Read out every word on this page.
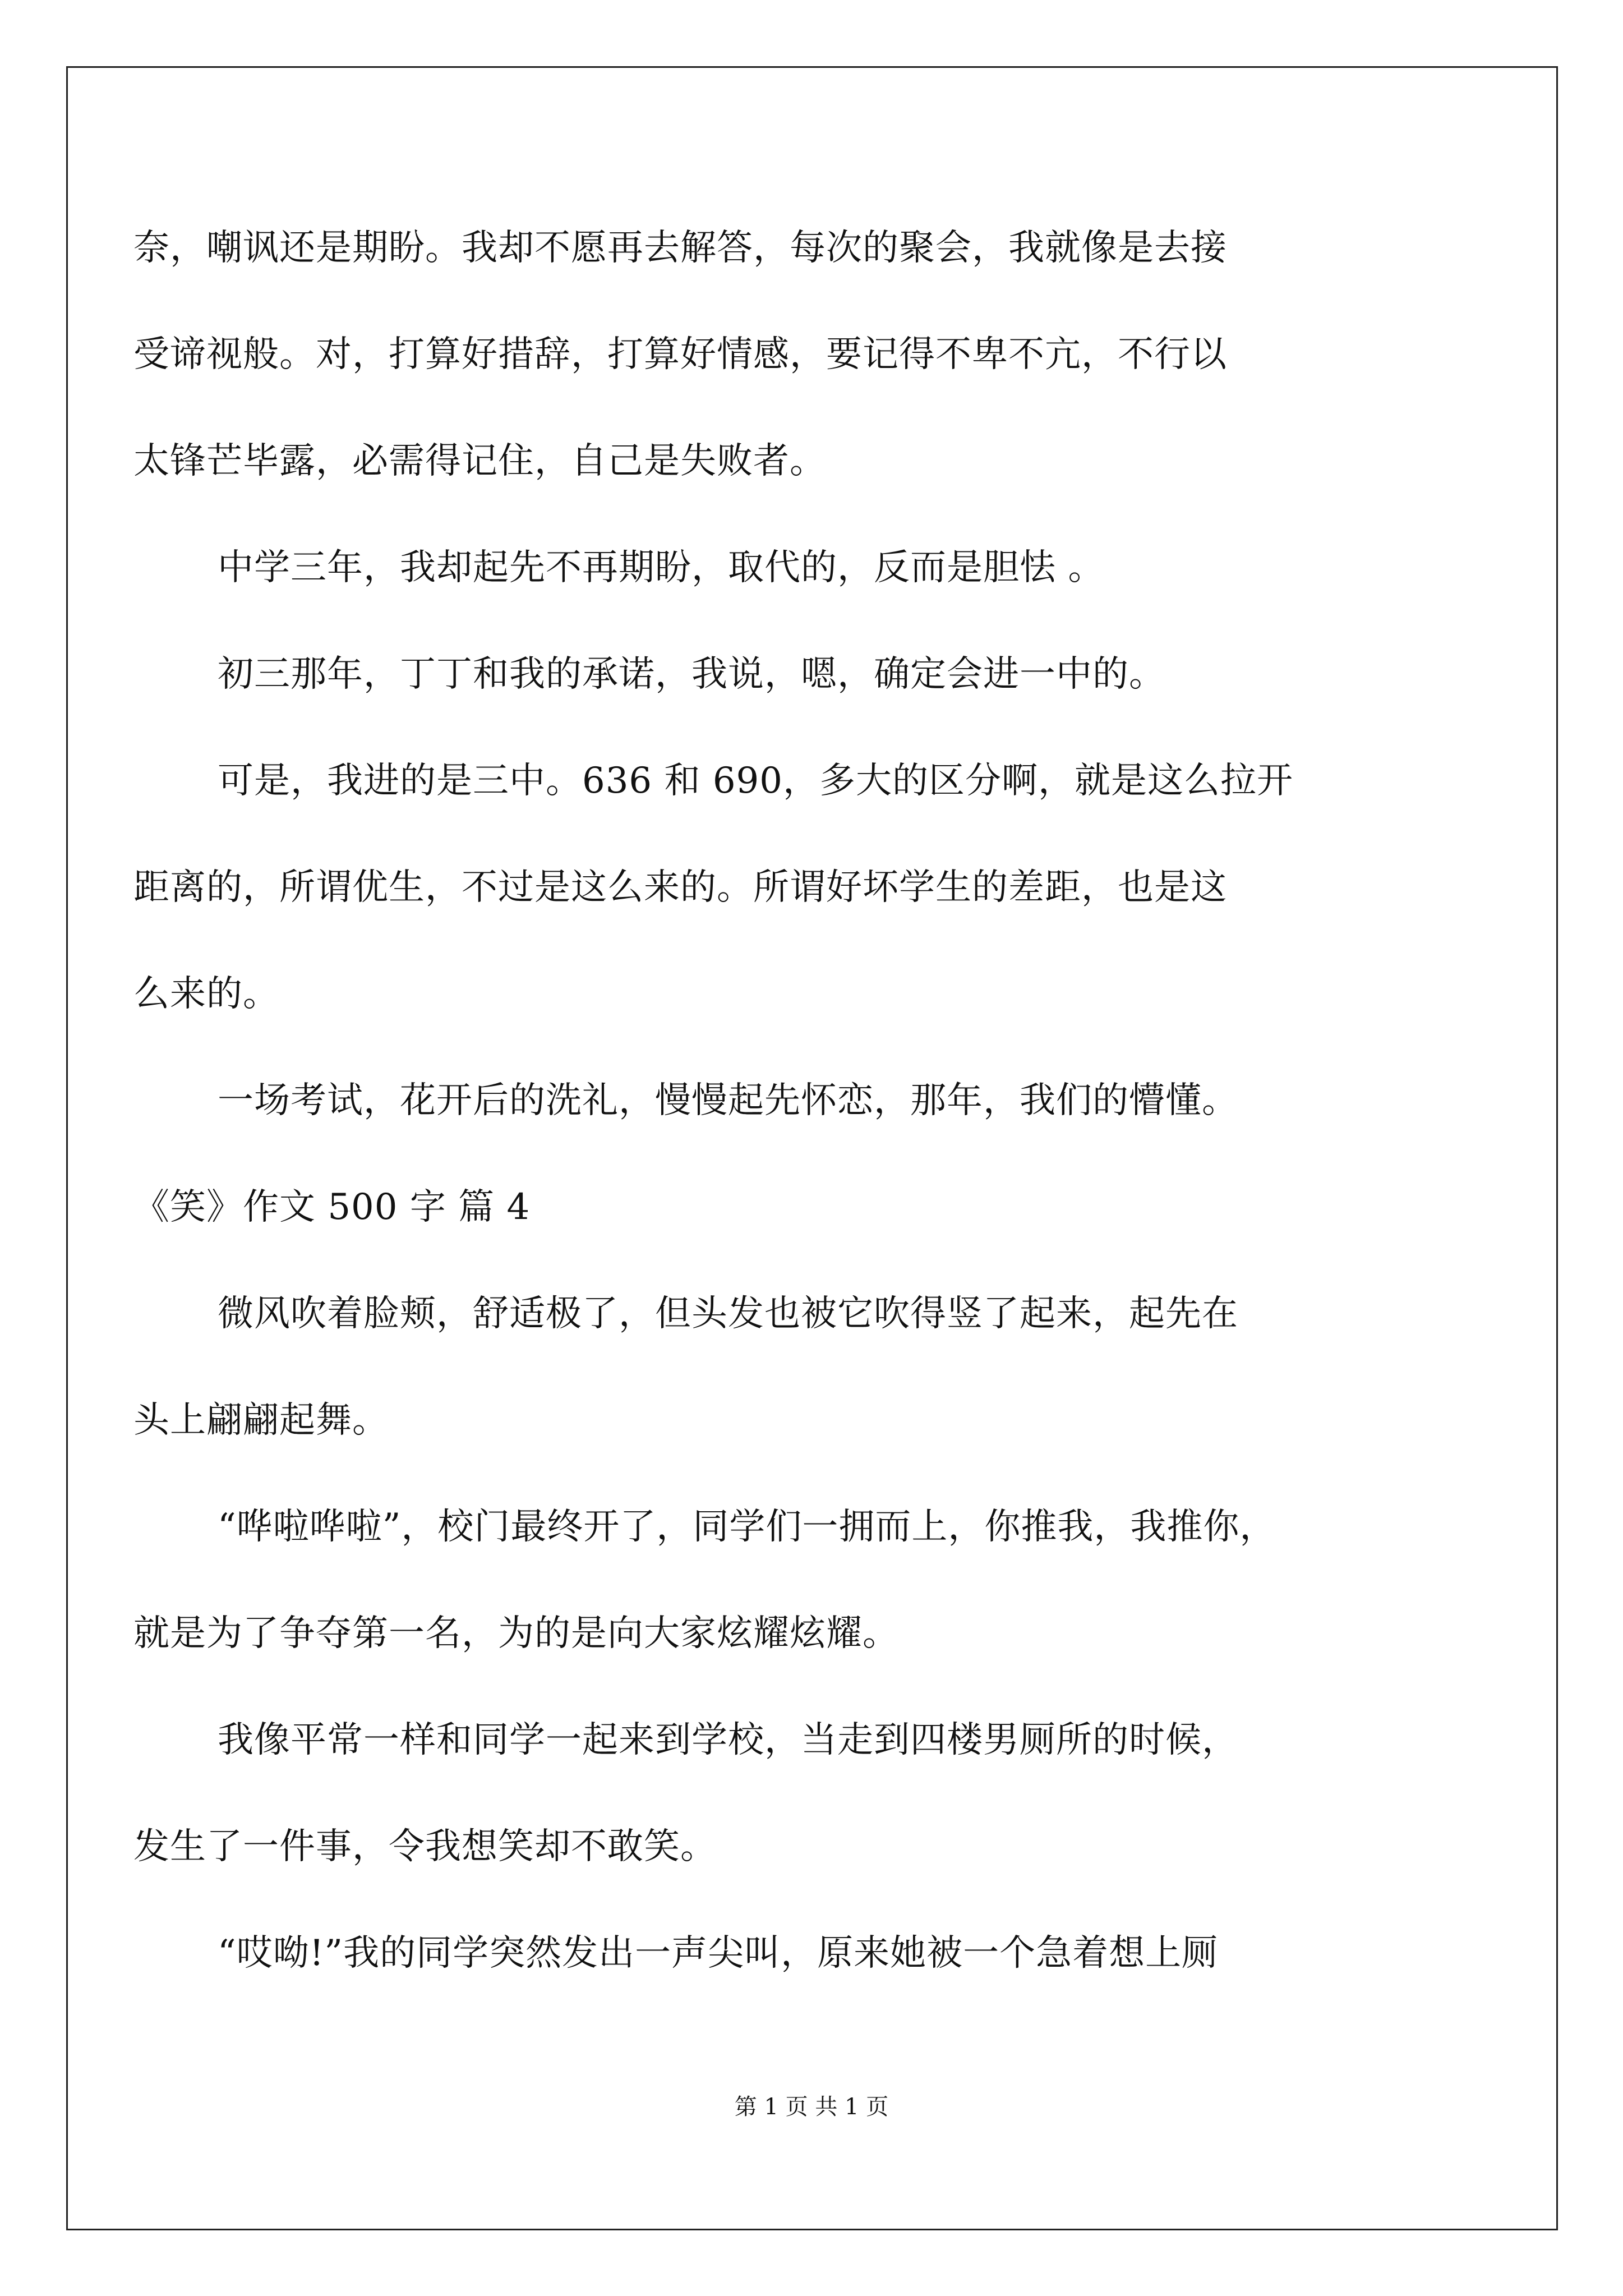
奈，嘲讽还是期盼。我却不愿再去解答，每次的聚会，我就像是去接
受谛视般。对，打算好措辞，打算好情感，要记得不卑不亢，不行以
太锋芒毕露，必需得记住，自己是失败者。
中学三年，我却起先不再期盼，取代的，反而是胆怯 。
初三那年，丁丁和我的承诺，我说，嗯，确定会进一中的。
可是，我进的是三中。636 和 690，多大的区分啊，就是这么拉开
距离的，所谓优生，不过是这么来的。所谓好坏学生的差距，也是这
么来的。
一场考试，花开后的洗礼，慢慢起先怀恋，那年，我们的懵懂。
《笑》作文 500 字 篇 4
微风吹着脸颊，舒适极了，但头发也被它吹得竖了起来，起先在
头上翩翩起舞。
“哗啦哗啦”，校门最终开了，同学们一拥而上，你推我，我推你，
就是为了争夺第一名，为的是向大家炫耀炫耀。
我像平常一样和同学一起来到学校，当走到四楼男厕所的时候，
发生了一件事，令我想笑却不敢笑。
“哎呦!”我的同学突然发出一声尖叫，原来她被一个急着想上厕
第 1 页 共 1 页
